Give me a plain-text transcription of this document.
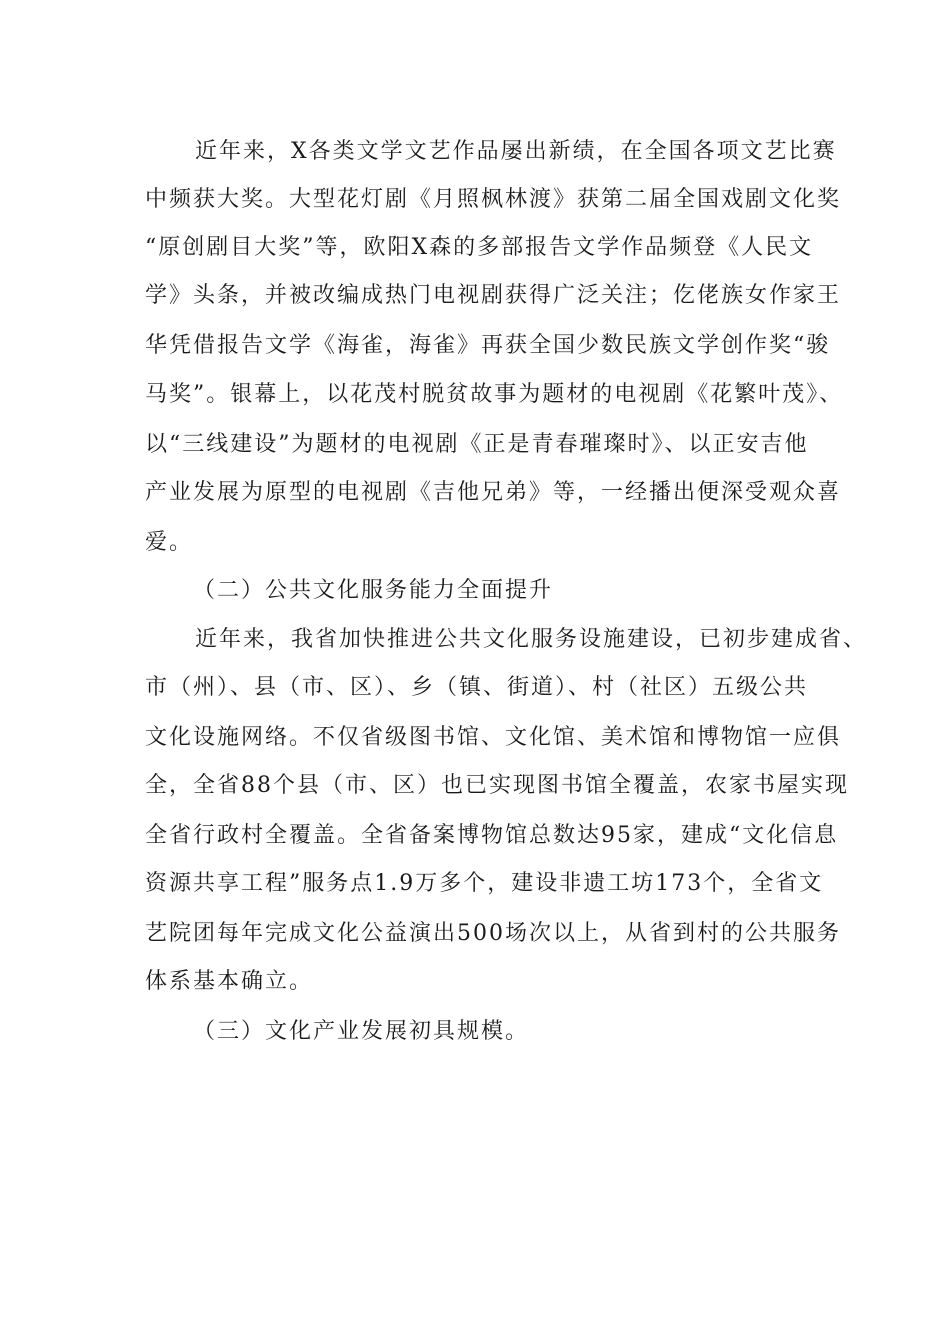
近年来，X各类文学文艺作品屡出新绩，在全国各项文艺比赛

中频获大奖。大型花灯剧《月照枫林渡》获第二届全国戏剧文化奖

“原创剧目大奖”等，欧阳X森的多部报告文学作品频登《人民文

学》头条，并被改编成热门电视剧获得广泛关注；仡佬族女作家王

华凭借报告文学《海雀，海雀》再获全国少数民族文学创作奖“骏

马奖”。银幕上，以花茂村脱贫故事为题材的电视剧《花繁叶茂》、

以“三线建设”为题材的电视剧《正是青春璀璨时》、以正安吉他

产业发展为原型的电视剧《吉他兄弟》等，一经播出便深受观众喜

爱。

（二）公共文化服务能力全面提升

近年来，我省加快推进公共文化服务设施建设，已初步建成省、

市（州）、县（市、区）、乡（镇、街道）、村（社区）五级公共

文化设施网络。不仅省级图书馆、文化馆、美术馆和博物馆一应俱

全，全省88个县（市、区）也已实现图书馆全覆盖，农家书屋实现

全省行政村全覆盖。全省备案博物馆总数达95家，建成“文化信息

资源共享工程”服务点1.9万多个，建设非遗工坊173个，全省文

艺院团每年完成文化公益演出500场次以上，从省到村的公共服务

体系基本确立。

（三）文化产业发展初具规模。
